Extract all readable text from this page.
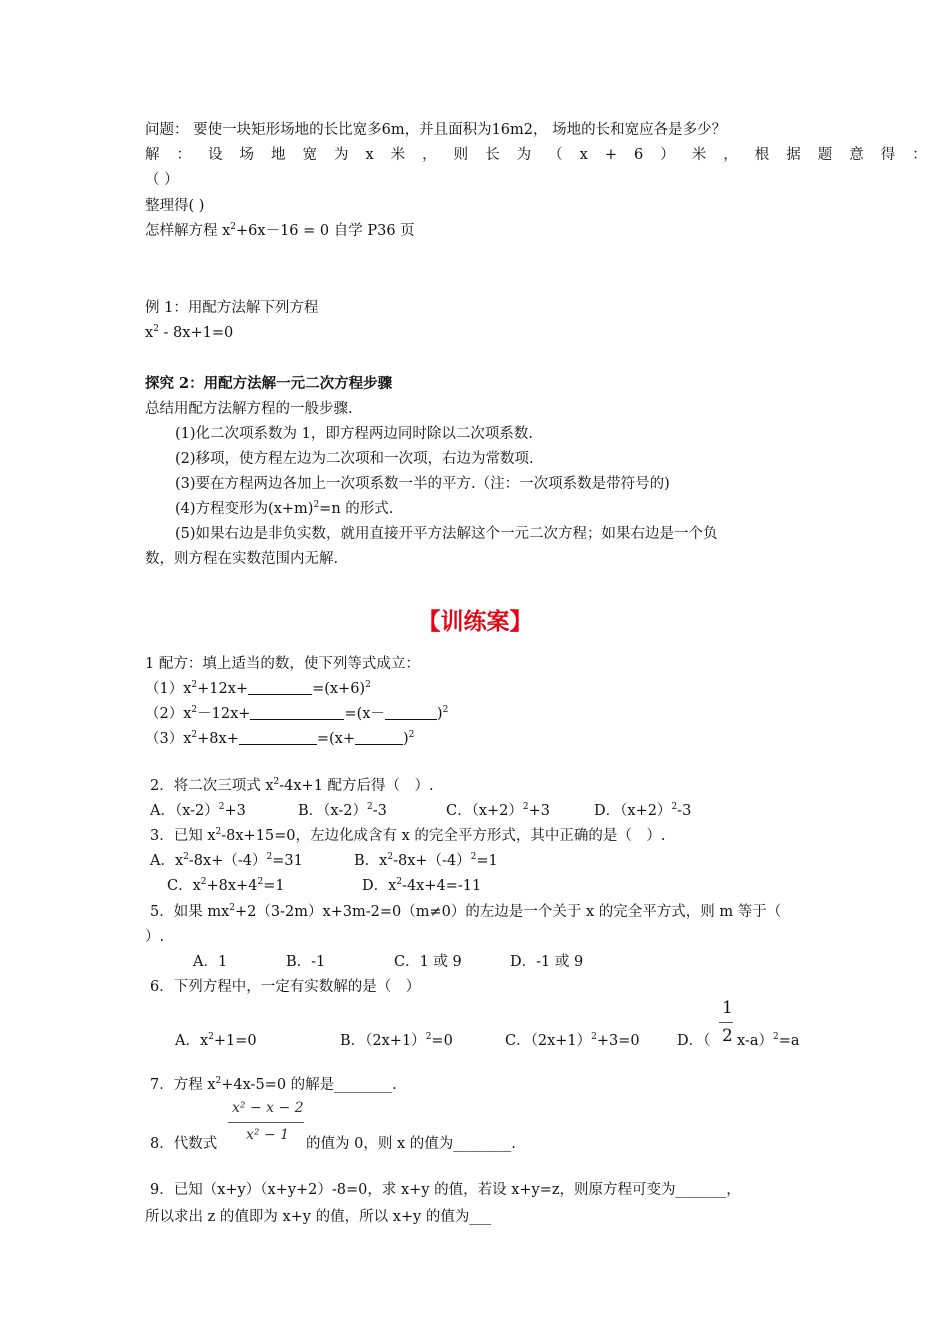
问题： 要使一块矩形场地的长比宽多6m，并且面积为16m2， 场地的长和宽应各是多少？
解：设场地宽为x米，则长为（x+6）米，根据题意得：
（ ）
整理得( )
怎样解方程 $x^2+6x-16 = 0$ 自学 P36 页
例 1：用配方法解下列方程
$x^2 - 8x+1=0$
探究 2：用配方法解一元二次方程步骤
总结用配方法解方程的一般步骤.
(1)化二次项系数为 1，即方程两边同时除以二次项系数.
(2)移项，使方程左边为二次项和一次项，右边为常数项.
(3)要在方程两边各加上一次项系数一半的平方.（注：一次项系数是带符号的)
(4)方程变形为$(x+m)^2=n$ 的形式.
(5)如果右边是非负实数，就用直接开平方法解这个一元二次方程；如果右边是一个负
数，则方程在实数范围内无解.
【训练案】
1 配方：填上适当的数，使下列等式成立：
$(1)x^2+12x+$	$=(x+6)^2$
$(2)x^2-12x+$	=(x－	)$^2$
$(3)x^2+8x+$	=(x+	)$^2$
2．将二次三项式 $x^2-4x+1$ 配方后得（　）.
A．$(x-2)^2+3$	B．$(x-2)^2-3$	C．$(x+2)^2+3$	D．$(x+2)^2-3$
3．已知 $x^2-8x+15=0$，左边化成含有 x 的完全平方形式，其中正确的是（　）.
A．$x^2-8x+(-4)^2=31$	B．$x^2-8x+(-4)^2=1$
C．$x^2+8x+4^2=1$	D．$x^2-4x+4=-11$
5．如果 $mx^2+2(3-2m)x+3m-2=0(m\ne 0)$的左边是一个关于 x 的完全平方式，则 m 等于（
）.
A．1	B．-1	C．1 或 9	D．-1 或 9
6．下列方程中，一定有实数解的是（　）
A．$x^2+1=0$	B．$(2x+1)^2=0$	C．$(2x+1)^2+3=0$	D．（
1
2 x-a）$^2$=a
7．方程 $x^2+4x-5=0$ 的解是________.
x² − x − 2
x² − 1
8．代数式	的值为 0，则 x 的值为________.
9．已知（x+y）（x+y+2）-8=0，求 x+y 的值，若设 x+y=z，则原方程可变为_______，
所以求出 z 的值即为 x+y 的值，所以 x+y 的值为___
